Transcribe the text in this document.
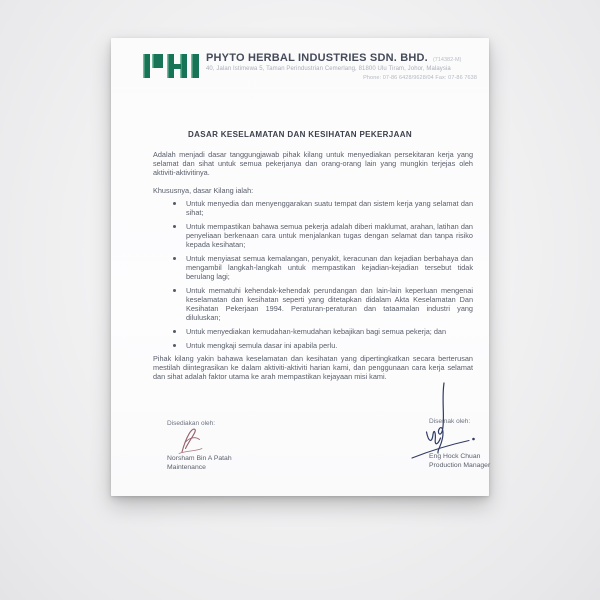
PHYTO HERBAL INDUSTRIES SDN. BHD. (714382-M)
40, Jalan Istimewa 5, Taman Perindustrian Cemerlang, 81800 Ulu Tiram, Johor, Malaysia
Phone: 07-86 6428/9628/04 Fax: 07-86 7638
DASAR KESELAMATAN DAN KESIHATAN PEKERJAAN
Adalah menjadi dasar tanggungjawab pihak kilang untuk menyediakan persekitaran kerja yang selamat dan sihat untuk semua pekerjanya dan orang-orang lain yang mungkin terjejas oleh aktiviti-aktivitinya.
Khususnya, dasar Kilang ialah:
Untuk menyedia dan menyenggarakan suatu tempat dan sistem kerja yang selamat dan sihat;
Untuk mempastikan bahawa semua pekerja adalah diberi maklumat, arahan, latihan dan penyeliaan berkenaan cara untuk menjalankan tugas dengan selamat dan tanpa risiko kepada kesihatan;
Untuk menyiasat semua kemalangan, penyakit, keracunan dan kejadian berbahaya dan mengambil langkah-langkah untuk mempastikan kejadian-kejadian tersebut tidak berulang lagi;
Untuk mematuhi kehendak-kehendak perundangan dan lain-lain keperluan mengenai keselamatan dan kesihatan seperti yang ditetapkan didalam Akta Keselamatan Dan Kesihatan Pekerjaan 1994. Peraturan-peraturan dan tataamalan industri yang diluluskan;
Untuk menyediakan kemudahan-kemudahan kebajikan bagi semua pekerja; dan
Untuk mengkaji semula dasar ini apabila perlu.
Pihak kilang yakin bahawa keselamatan dan kesihatan yang dipertingkatkan secara berterusan mestilah diintegrasikan ke dalam aktiviti-aktiviti harian kami, dan penggunaan cara kerja selamat dan sihat adalah faktor utama ke arah mempastikan kejayaan misi kami.
Disediakan oleh:
Norsham Bin A Patah
Maintenance
Disemak oleh:
Eng Hock Chuan
Production Manager
